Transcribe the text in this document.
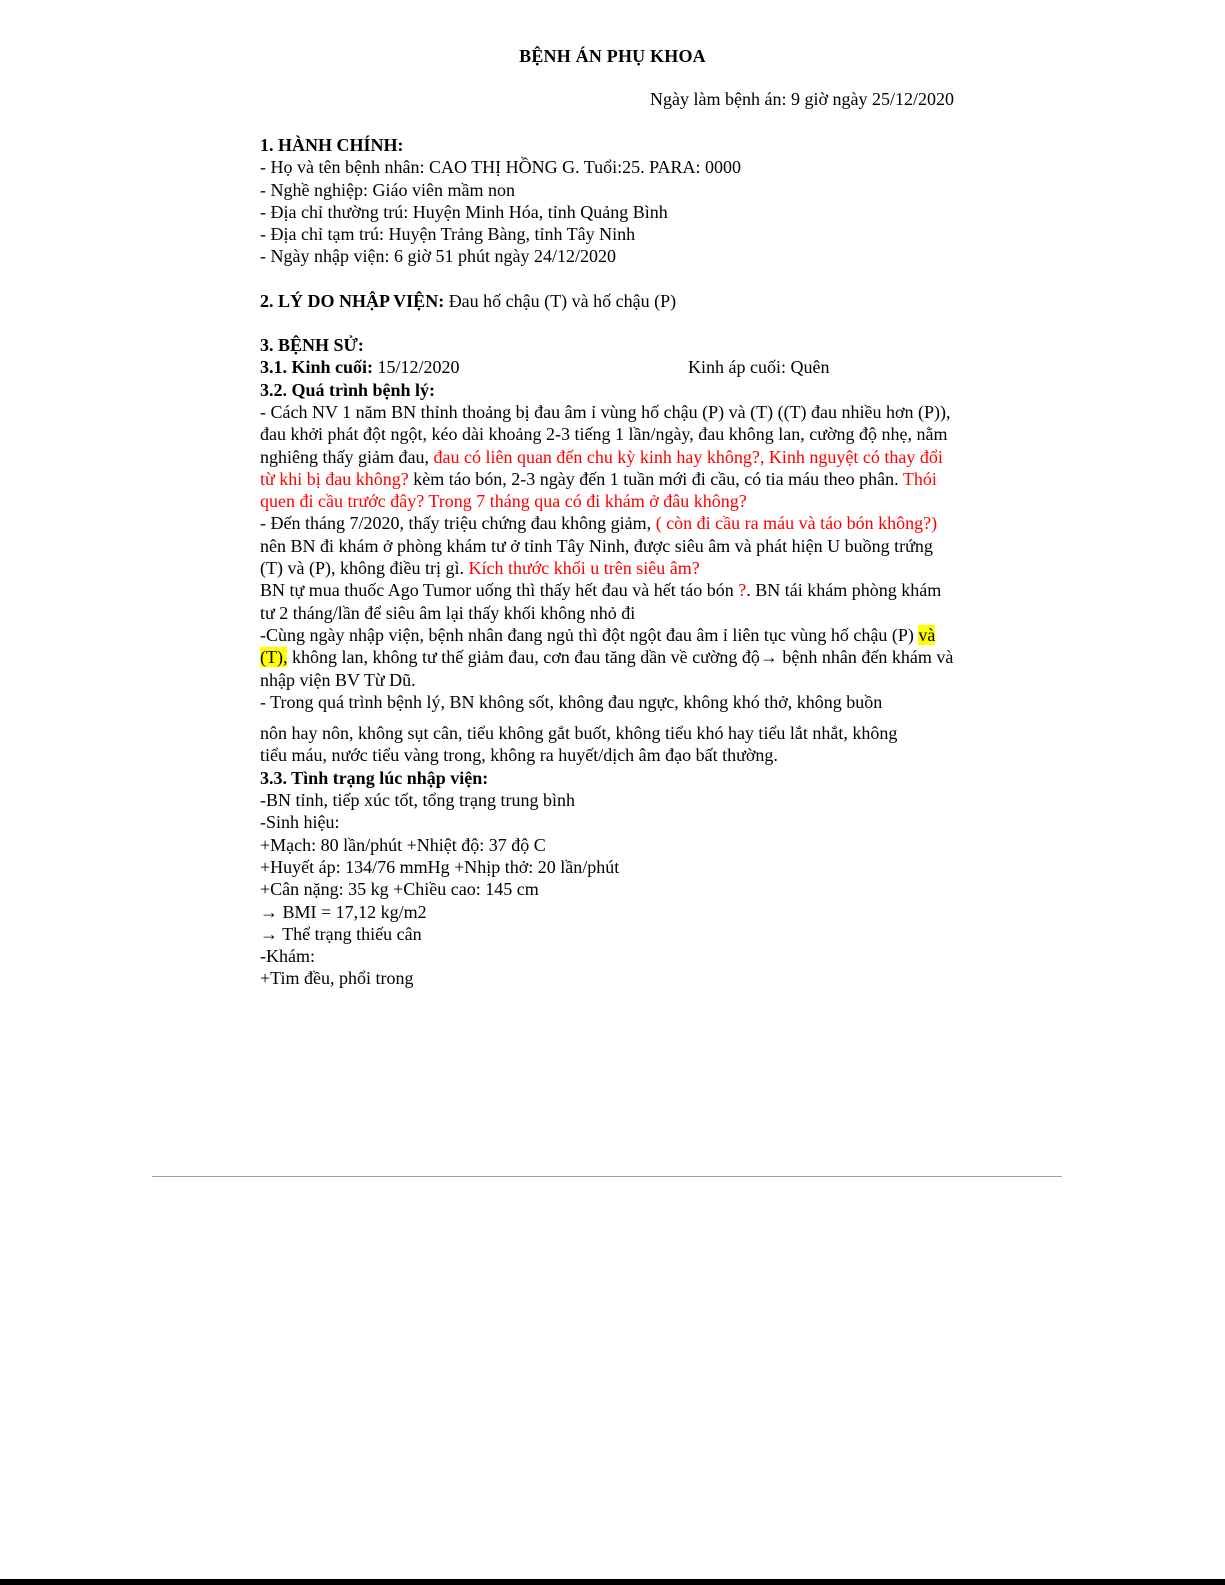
BỆNH ÁN PHỤ KHOA
Ngày làm bệnh án: 9 giờ ngày 25/12/2020

1. HÀNH CHÍNH:

- Họ và tên bệnh nhân: CAO THỊ HỒNG G. Tuổi:25. PARA: 0000

- Nghề nghiệp: Giáo viên mầm non

- Địa chỉ thường trú: Huyện Minh Hóa, tỉnh Quảng Bình

- Địa chỉ tạm trú: Huyện Trảng Bàng, tỉnh Tây Ninh

- Ngày nhập viện: 6 giờ 51 phút ngày 24/12/2020

2. LÝ DO NHẬP VIỆN: Đau hố chậu (T) và hố chậu (P)

3. BỆNH SỬ:

3.1. Kinh cuối: 15/12/2020	Kinh áp cuối: Quên

3.2. Quá trình bệnh lý:

- Cách NV 1 năm BN thỉnh thoảng bị đau âm ỉ vùng hố chậu (P) và (T) ((T) đau nhiều hơn (P)), đau khởi phát đột ngột, kéo dài khoảng 2-3 tiếng 1 lần/ngày, đau không lan, cường độ nhẹ, nằm nghiêng thấy giảm đau, đau có liên quan đến chu kỳ kinh hay không?, Kinh nguyệt có thay đổi từ khi bị đau không? kèm táo bón, 2-3 ngày đến 1 tuần mới đi cầu, có tia máu theo phân. Thói quen đi cầu trước đây? Trong 7 tháng qua có đi khám ở đâu không?

- Đến tháng 7/2020, thấy triệu chứng đau không giảm, ( còn đi cầu ra máu và táo bón không?) nên BN đi khám ở phòng khám tư ở tỉnh Tây Ninh, được siêu âm và phát hiện U buồng trứng (T) và (P), không điều trị gì. Kích thước khối u trên siêu âm?

BN tự mua thuốc Ago Tumor uống thì thấy hết đau và hết táo bón ?. BN tái khám phòng khám tư 2 tháng/lần để siêu âm lại thấy khối không nhỏ đi

-Cùng ngày nhập viện, bệnh nhân đang ngủ thì đột ngột đau âm ỉ liên tục vùng hố chậu (P) và (T), không lan, không tư thế giảm đau, cơn đau tăng dần về cường độ→ bệnh nhân đến khám và nhập viện BV Từ Dũ.

- Trong quá trình bệnh lý, BN không sốt, không đau ngực, không khó thở, không buồn

nôn hay nôn, không sụt cân, tiểu không gắt buốt, không tiểu khó hay tiểu lắt nhắt, không

tiểu máu, nước tiểu vàng trong, không ra huyết/dịch âm đạo bất thường.

3.3. Tình trạng lúc nhập viện:

-BN tỉnh, tiếp xúc tốt, tổng trạng trung bình

-Sinh hiệu:

+Mạch: 80 lần/phút +Nhiệt độ: 37 độ C

+Huyết áp: 134/76 mmHg +Nhịp thở: 20 lần/phút

+Cân nặng: 35 kg +Chiều cao: 145 cm

→ BMI = 17,12 kg/m2

→ Thể trạng thiếu cân

-Khám:

+Tim đều, phổi trong
